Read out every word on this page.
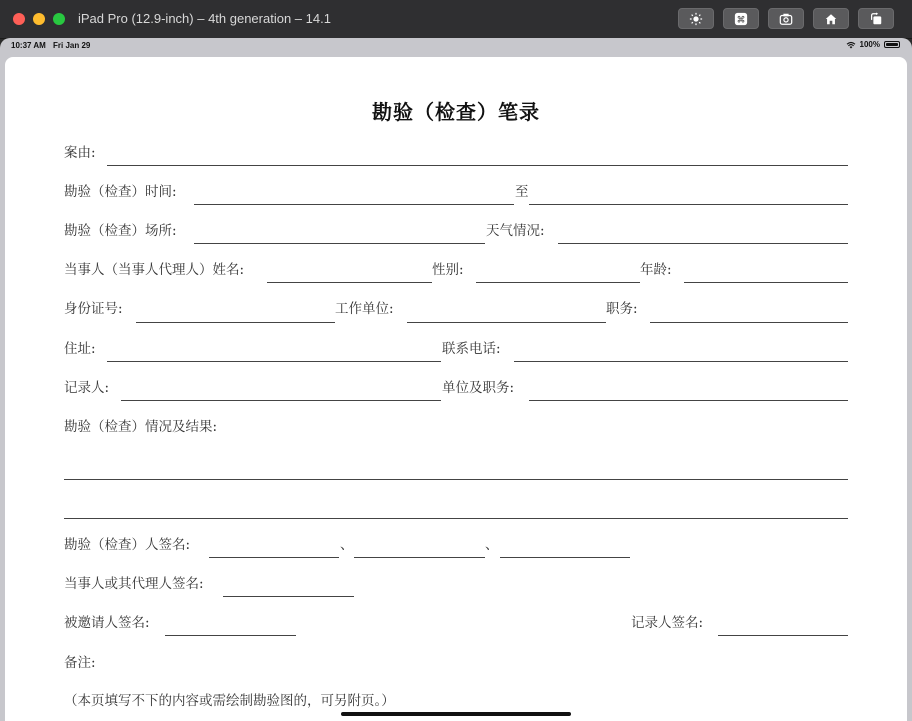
iPad Pro (12.9-inch) – 4th generation – 14.1	⌘
10:37 AM Fri Jan 29	100%
勘验（检查）笔录
案由:
勘验（检查）时间:	至
勘验（检查）场所:	天气情况:
当事人（当事人代理人）姓名:	性别:	年龄:
身份证号:	工作单位:	职务:
住址:	联系电话:
记录人:	单位及职务:
勘验（检查）情况及结果:
勘验（检查）人签名:	、	、
当事人或其代理人签名:
被邀请人签名:	记录人签名:
备注:
（本页填写不下的内容或需绘制勘验图的，可另附页。）
